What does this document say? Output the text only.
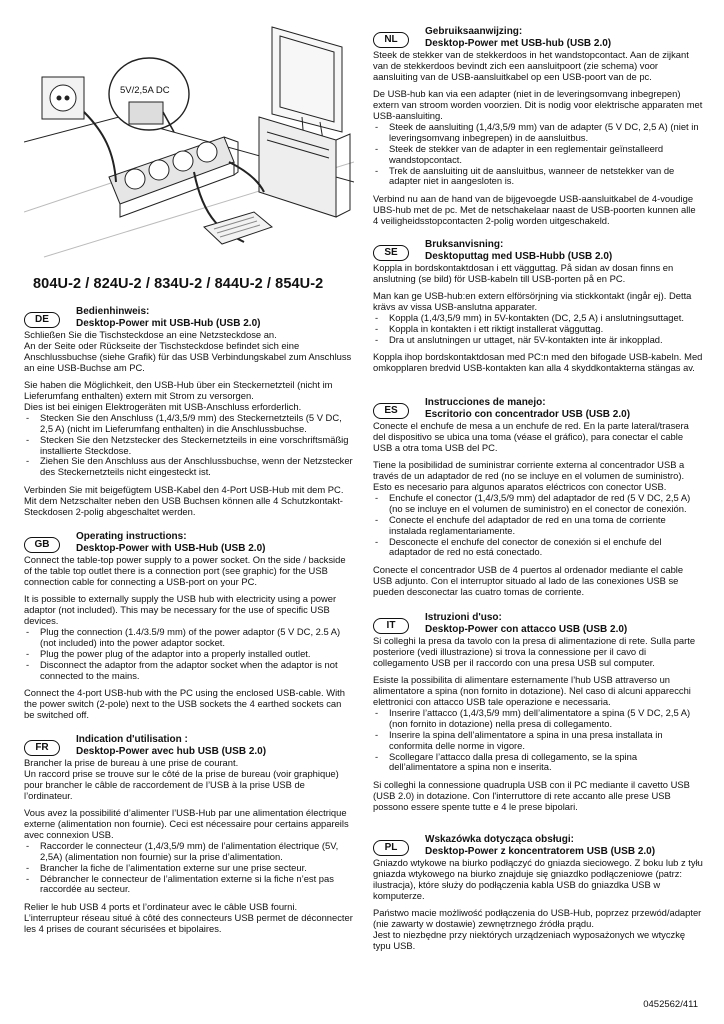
5V/2,5A DC
804U-2 / 824U-2 / 834U-2 / 844U-2 / 854U-2
DE
Bedienhinweis:
Desktop-Power mit USB-Hub (USB 2.0)

Schließen Sie die Tischsteckdose an eine Netzsteckdose an.
An der Seite oder Rückseite der Tischsteckdose befindet sich eine Anschlussbuchse (siehe Grafik) für das USB Verbindungskabel zum Anschluss an eine USB-Buchse am PC.

Sie haben die Möglichkeit, den USB-Hub über ein Steckernetzteil (nicht im Lieferumfang enthalten) extern mit Strom zu versorgen.
Dies ist bei einigen Elektrogeräten mit USB-Anschluss erforderlich.

- Stecken Sie den Anschluss (1,4/3,5/9 mm) des Steckernetzteils (5 V DC, 2,5 A) (nicht im Lieferumfang enthalten) in die Anschlussbuchse.
- Stecken Sie den Netzstecker des Steckernetzteils in eine vorschriftsmäßig installierte Steckdose.
- Ziehen Sie den Anschluss aus der Anschlussbuchse, wenn der Netzstecker des Steckernetzteils nicht eingesteckt ist.

Verbinden Sie mit beigefügtem USB-Kabel den 4-Port USB-Hub mit dem PC. Mit dem Netzschalter neben den USB Buchsen können alle 4 Schutzkontakt-Steckdosen 2-polig abgeschaltet werden.

GB
Operating instructions:
Desktop-Power with USB-Hub (USB 2.0)

Connect the table-top power supply to a power socket. On the side / backside of the table top outlet there is a connection port (see graphic) for the USB connection cable for connecting a USB-port on your PC.

It is possible to externally supply the USB hub with electricity using a power adaptor (not included). This may be necessary for the use of specific USB devices.

- Plug the connection (1.4/3.5/9 mm) of the power adaptor (5 V DC, 2.5 A) (not included) into the power adaptor socket.
- Plug the power plug of the adaptor into a properly installed outlet.
- Disconnect the adaptor from the adaptor socket when the adaptor is not connected to the mains.

Connect the 4-port USB-hub with the PC using the enclosed USB-cable. With the power switch (2-pole) next to the USB sockets the 4 earthed sockets can be switched off.

FR
Indication d'utilisation :
Desktop-Power avec hub USB (USB 2.0)

Brancher la prise de bureau à une prise de courant.
Un raccord prise se trouve sur le côté de la prise de bureau (voir graphique) pour brancher le câble de raccordement de l’USB à la prise USB de l’ordinateur.

Vous avez la possibilité d’alimenter l’USB-Hub par une alimentation électrique externe (alimentation non fournie). Ceci est nécessaire pour certains appareils avec connexion USB.

- Raccorder le connecteur (1,4/3,5/9 mm) de l’alimentation électrique (5V, 2,5A) (alimentation non fournie) sur la prise d’alimentation.
- Brancher la fiche de l’alimentation externe sur une prise secteur.
- Débrancher le connecteur de l’alimentation externe si la fiche n’est pas raccordée au secteur.

Relier le hub USB 4 ports et l’ordinateur avec le câble USB fourni.
L’interrupteur réseau situé à côté des connecteurs USB permet de déconnecter les 4 prises de courant sécurisées et bipolaires.

NL
Gebruiksaanwijzing:
Desktop-Power met USB-hub (USB 2.0)

Steek de stekker van de stekkerdoos in het wandstopcontact. Aan de zijkant van de stekkerdoos bevindt zich een aansluitpoort (zie schema) voor aansluiting van de USB-aansluitkabel op een USB-poort van de pc.

De USB-hub kan via een adapter (niet in de leveringsomvang inbegrepen) extern van stroom worden voorzien. Dit is nodig voor elektrische apparaten met USB-aansluiting.

- Steek de aansluiting (1,4/3,5/9 mm) van de adapter (5 V DC, 2,5 A) (niet in leveringsomvang inbegrepen) in de aansluitbus.
- Steek de stekker van de adapter in een reglementair geïnstalleerd wandstopcontact.
- Trek de aansluiting uit de aansluitbus, wanneer de netstekker van de adapter niet in aangesloten is.

Verbind nu aan de hand van de bijgevoegde USB-aansluitkabel de 4-voudige UBS-hub met de pc. Met de netschakelaar naast de USB-poorten kunnen alle 4 veiligheidsstopcontacten 2-polig worden uitgeschakeld.

SE
Bruksanvisning:
Desktoputtag med USB-Hubb (USB 2.0)

Koppla in bordskontaktdosan i ett vägguttag. På sidan av dosan finns en anslutning (se bild) för USB-kabeln till USB-porten på en PC.

Man kan ge USB-hub:en extern elförsörjning via stickkontakt (ingår ej). Detta krävs av vissa USB-anslutna apparater.

- Koppla (1,4/3,5/9 mm) in 5V-kontakten (DC, 2,5 A) i anslutningsuttaget.
- Koppla in kontakten i ett riktigt installerat vägguttag.
- Dra ut anslutningen ur uttaget, när 5V-kontakten inte är inkopplad.

Koppla ihop bordskontaktdosan med PC:n med den bifogade USB-kabeln. Med omkopplaren bredvid USB-kontakten kan alla 4 skyddkontakterna stängas av.

ES
Instrucciones de manejo:
Escritorio con concentrador USB (USB 2.0)

Conecte el enchufe de mesa a un enchufe de red. En la parte lateral/trasera del dispositivo se ubica una toma (véase el gráfico), para conectar el cable USB a otra toma USB del PC.

Tiene la posibilidad de suministrar corriente externa al concentrador USB a través de un adaptador de red (no se incluye en el volumen de suministro). Esto es necesario para algunos aparatos eléctricos con conector USB.

- Enchufe el conector (1,4/3,5/9 mm) del adaptador de red (5 V DC, 2,5 A) (no se incluye en el volumen de suministro) en el conector de conexión.
- Conecte el enchufe del adaptador de red en una toma de corriente instalada reglamentariamente.
- Desconecte el enchufe del conector de conexión si el enchufe del adaptador de red no está conectado.

Conecte el concentrador USB de 4 puertos al ordenador mediante el cable USB adjunto. Con el interruptor situado al lado de las conexiones USB se pueden desconectar las cuatro tomas de corriente.

IT
Istruzioni d'uso:
Desktop-Power con attacco USB (USB 2.0)

Si colleghi la presa da tavolo con la presa di alimentazione di rete. Sulla parte posteriore (vedi illustrazione) si trova la connessione per il cavo di collegamento USB per il raccordo con una presa USB sul computer.

Esiste la possibilita di alimentare esternamente l’hub USB attraverso un alimentatore a spina (non fornito in dotazione). Nel caso di alcuni apparecchi elettronici con attacco USB tale operazione e necessaria.

- Inserire l’attacco (1,4/3,5/9 mm) dell’alimentatore a spina (5 V DC, 2,5 A) (non fornito in dotazione) nella presa di collegamento.
- Inserire la spina dell’alimentatore a spina in una presa installata in conformita delle norme in vigore.
- Scollegare l’attacco dalla presa di collegamento, se la spina dell’alimentatore a spina non e inserita.

Si colleghi la connessione quadrupla USB con il PC mediante il cavetto USB (USB 2.0) in dotazione. Con l'interruttore di rete accanto alle prese USB possono essere spente tutte e 4 le prese bipolari.

PL
Wskazówka dotycząca obsługi:
Desktop-Power z koncentratorem USB (USB 2.0)

Gniazdo wtykowe na biurko podłączyć do gniazda sieciowego. Z boku lub z tyłu gniazda wtykowego na biurko znajduje się gniazdko podłączeniowe (patrz: ilustracja), które służy do podłączenia kabla USB do gniazdka USB w komputerze.

Państwo macie możliwość podłączenia do USB-Hub, poprzez przewód/adapter (nie zawarty w dostawie) zewnętrznego źródła prądu.
Jest to niezbędne przy niektórych urządzeniach wyposażonych we wtyczkę typu USB.

0452562/411
